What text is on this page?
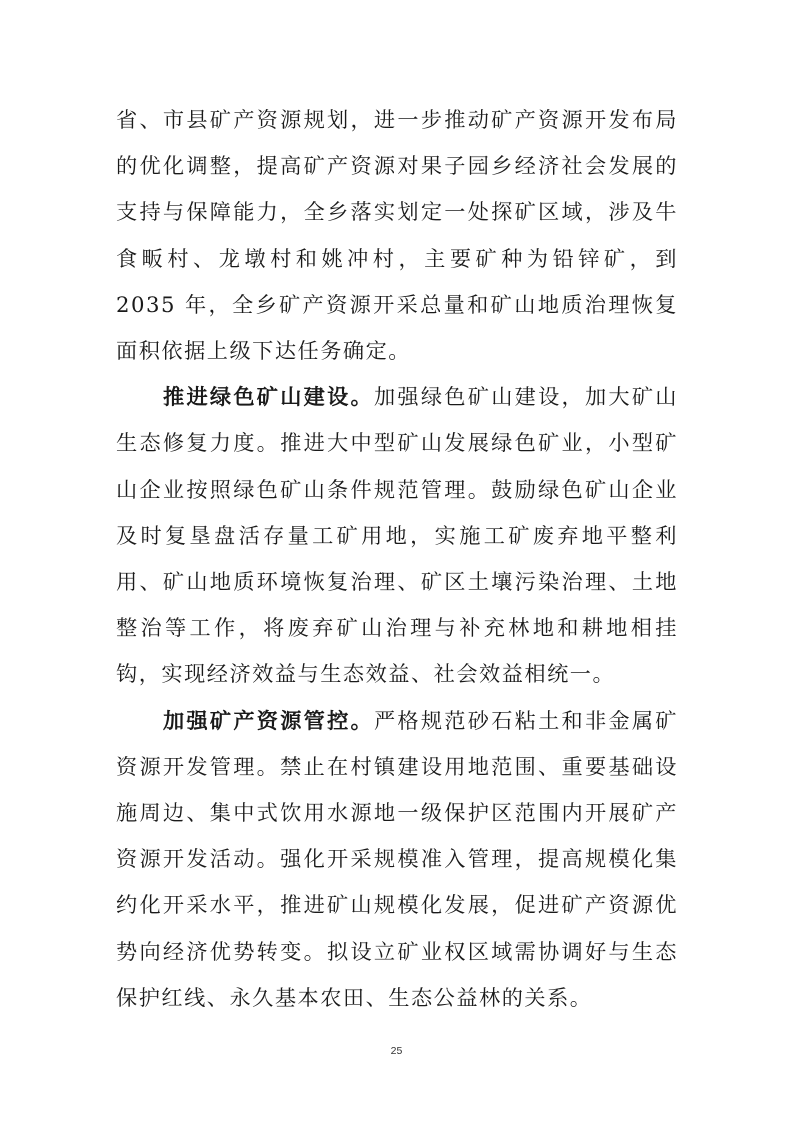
省、市县矿产资源规划，进一步推动矿产资源开发布局的优化调整，提高矿产资源对果子园乡经济社会发展的支持与保障能力，全乡落实划定一处探矿区域，涉及牛食畈村、龙墩村和姚冲村，主要矿种为铅锌矿，到 2035 年，全乡矿产资源开采总量和矿山地质治理恢复面积依据上级下达任务确定。

推进绿色矿山建设。加强绿色矿山建设，加大矿山生态修复力度。推进大中型矿山发展绿色矿业，小型矿山企业按照绿色矿山条件规范管理。鼓励绿色矿山企业及时复垦盘活存量工矿用地，实施工矿废弃地平整利用、矿山地质环境恢复治理、矿区土壤污染治理、土地整治等工作，将废弃矿山治理与补充林地和耕地相挂钩，实现经济效益与生态效益、社会效益相统一。

加强矿产资源管控。严格规范砂石粘土和非金属矿资源开发管理。禁止在村镇建设用地范围、重要基础设施周边、集中式饮用水源地一级保护区范围内开展矿产资源开发活动。强化开采规模准入管理，提高规模化集约化开采水平，推进矿山规模化发展，促进矿产资源优势向经济优势转变。拟设立矿业权区域需协调好与生态保护红线、永久基本农田、生态公益林的关系。

25
